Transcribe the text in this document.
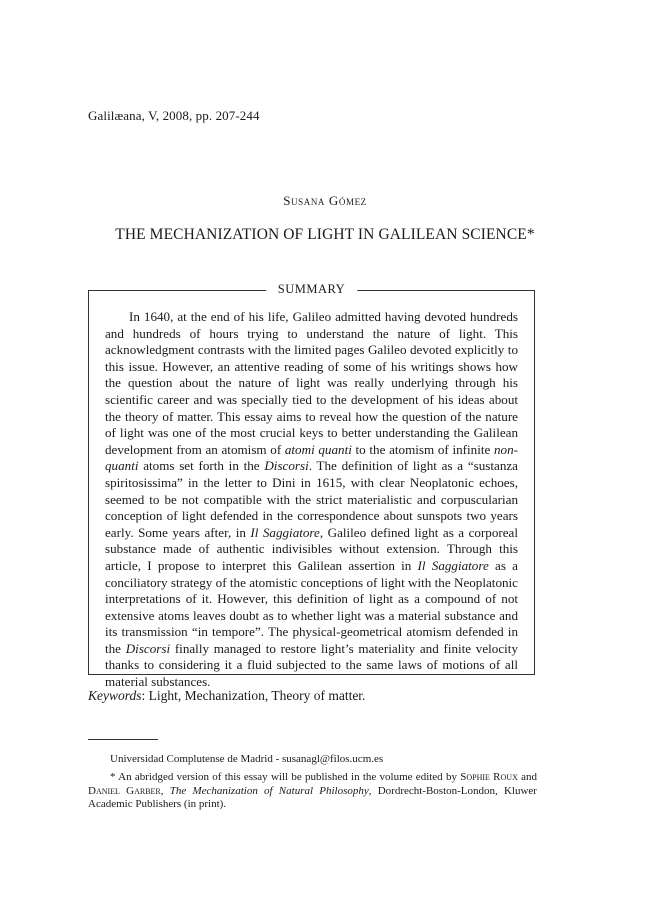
Galilæana, V, 2008, pp. 207-244
Susana Gómez
THE MECHANIZATION OF LIGHT IN GALILEAN SCIENCE*
SUMMARY
In 1640, at the end of his life, Galileo admitted having devoted hundreds and hundreds of hours trying to understand the nature of light. This acknowledgment contrasts with the limited pages Galileo devoted explicitly to this issue. However, an attentive reading of some of his writings shows how the question about the nature of light was really underlying through his scientific career and was specially tied to the development of his ideas about the theory of matter. This essay aims to reveal how the question of the nature of light was one of the most crucial keys to better understanding the Galilean development from an atomism of atomi quanti to the atomism of infinite non-quanti atoms set forth in the Discorsi. The definition of light as a “sustanza spiritosissima” in the letter to Dini in 1615, with clear Neoplatonic echoes, seemed to be not compatible with the strict materialistic and corpuscularian conception of light defended in the correspondence about sunspots two years early. Some years after, in Il Saggiatore, Galileo defined light as a corporeal substance made of authentic indivisibles without extension. Through this article, I propose to interpret this Galilean assertion in Il Saggiatore as a conciliatory strategy of the atomistic conceptions of light with the Neoplatonic interpretations of it. However, this definition of light as a compound of not extensive atoms leaves doubt as to whether light was a material substance and its transmission “in tempore”. The physical-geometrical atomism defended in the Discorsi finally managed to restore light’s materiality and finite velocity thanks to considering it a fluid subjected to the same laws of motions of all material substances.
Keywords: Light, Mechanization, Theory of matter.
Universidad Complutense de Madrid - susanagl@filos.ucm.es
* An abridged version of this essay will be published in the volume edited by Sophie Roux and Daniel Garber, The Mechanization of Natural Philosophy, Dordrecht-Boston-London, Kluwer Academic Publishers (in print).
